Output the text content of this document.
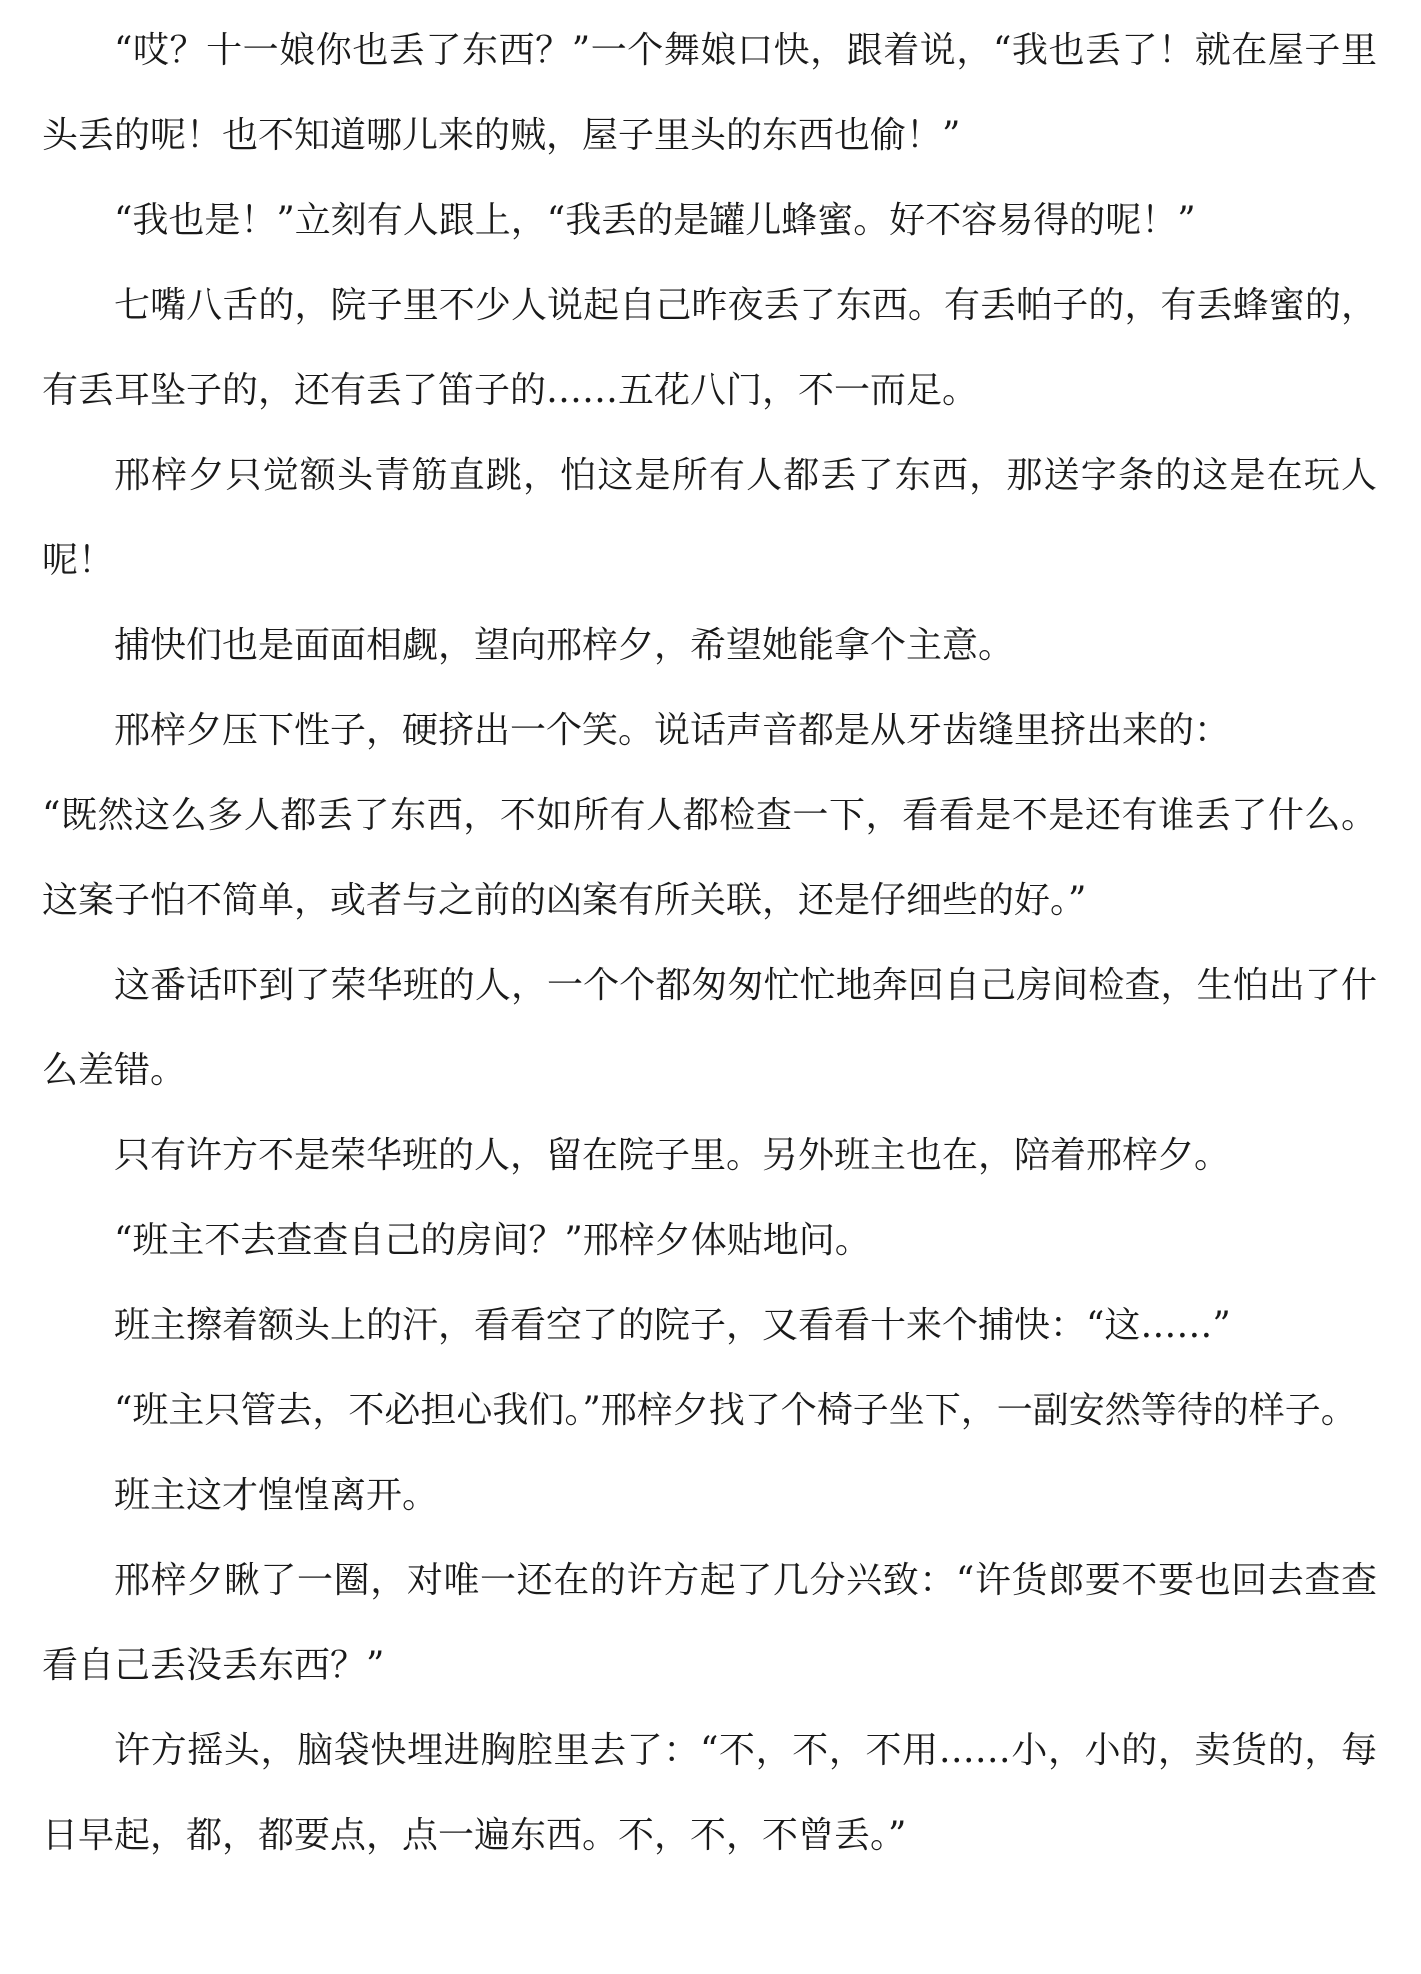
“哎？十一娘你也丢了东西？”一个舞娘口快，跟着说，“我也丢了！就在屋子里头丢的呢！也不知道哪儿来的贼，屋子里头的东西也偷！”

“我也是！”立刻有人跟上，“我丢的是罐儿蜂蜜。好不容易得的呢！”

七嘴八舌的，院子里不少人说起自己昨夜丢了东西。有丢帕子的，有丢蜂蜜的，有丢耳坠子的，还有丢了笛子的……五花八门，不一而足。

邢梓夕只觉额头青筋直跳，怕这是所有人都丢了东西，那送字条的这是在玩人呢！

捕快们也是面面相觑，望向邢梓夕，希望她能拿个主意。

邢梓夕压下性子，硬挤出一个笑。说话声音都是从牙齿缝里挤出来的：

“既然这么多人都丢了东西，不如所有人都检查一下，看看是不是还有谁丢了什么。这案子怕不简单，或者与之前的凶案有所关联，还是仔细些的好。”

这番话吓到了荣华班的人，一个个都匆匆忙忙地奔回自己房间检查，生怕出了什么差错。

只有许方不是荣华班的人，留在院子里。另外班主也在，陪着邢梓夕。

“班主不去查查自己的房间？”邢梓夕体贴地问。

班主擦着额头上的汗，看看空了的院子，又看看十来个捕快：“这……”

“班主只管去，不必担心我们。”邢梓夕找了个椅子坐下，一副安然等待的样子。

班主这才惶惶离开。

邢梓夕瞅了一圈，对唯一还在的许方起了几分兴致：“许货郎要不要也回去查查看自己丢没丢东西？”

许方摇头，脑袋快埋进胸腔里去了：“不，不，不用……小，小的，卖货的，每日早起，都，都要点，点一遍东西。不，不，不曾丢。”
